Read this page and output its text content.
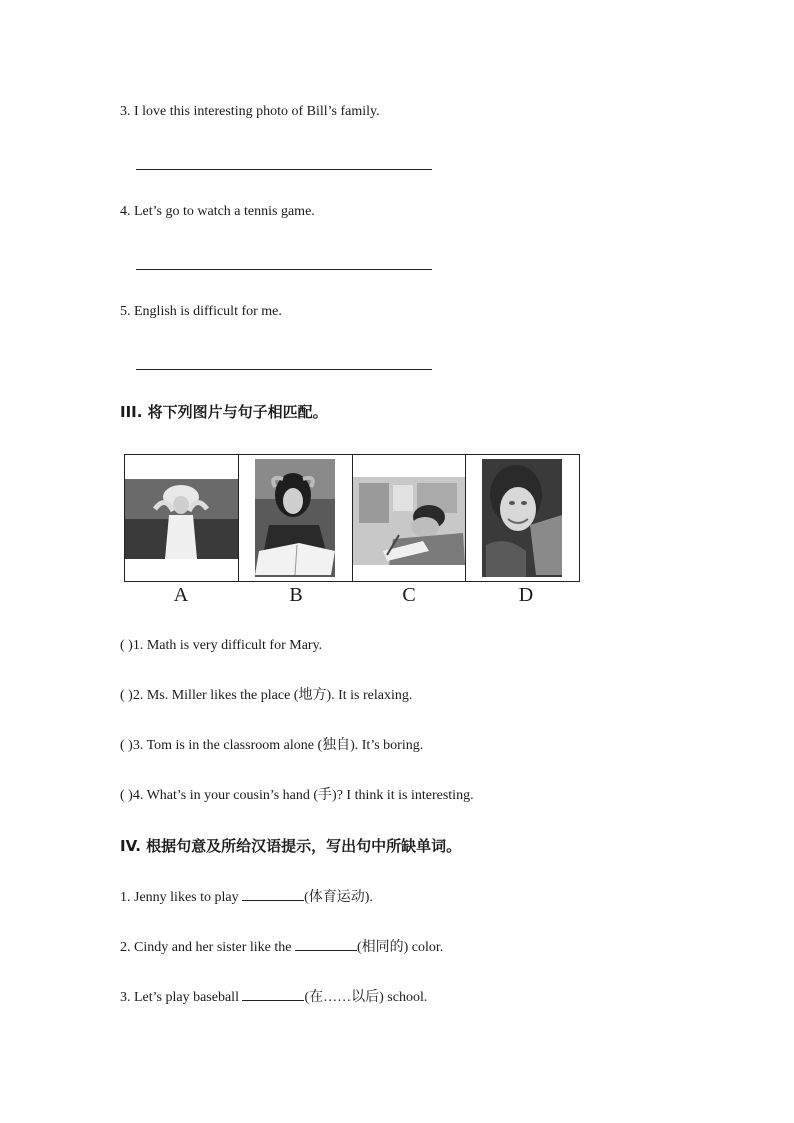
3. I love this interesting photo of Bill’s family.
4. Let’s go to watch a tennis game.
5. English is difficult for me.
III. 将下列图片与句子相匹配。
A	B	C	D
( )1. Math is very difficult for Mary.
( )2. Ms. Miller likes the place (地方). It is relaxing.
( )3. Tom is in the classroom alone (独自). It’s boring.
( )4. What’s in your cousin’s hand (手)? I think it is interesting.
IV. 根据句意及所给汉语提示，写出句中所缺单词。
1. Jenny likes to play	(体育运动).
2. Cindy and her sister like the	(相同的) color.
3. Let’s play baseball	(在……以后) school.
